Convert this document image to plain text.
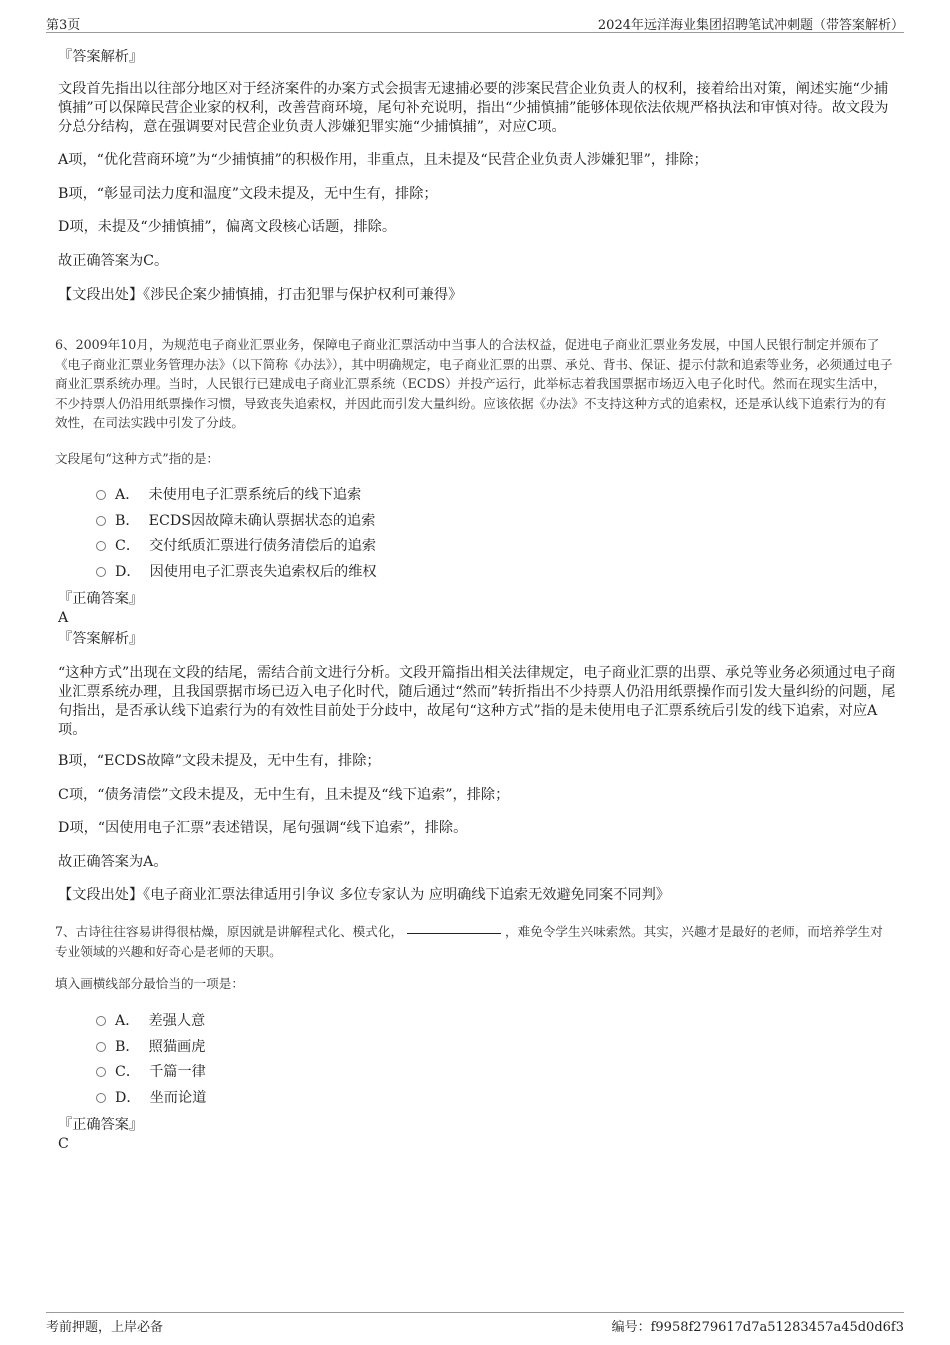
第3页	2024年远洋海业集团招聘笔试冲刺题（带答案解析）

『答案解析』

文段首先指出以往部分地区对于经济案件的办案方式会损害无逮捕必要的涉案民营企业负责人的权利，接着给出对策，阐述实施“少捕慎捕”可以保障民营企业家的权利，改善营商环境，尾句补充说明，指出“少捕慎捕”能够体现依法依规严格执法和审慎对待。故文段为分总分结构，意在强调要对民营企业负责人涉嫌犯罪实施“少捕慎捕”，对应C项。

A项，“优化营商环境”为“少捕慎捕”的积极作用，非重点，且未提及“民营企业负责人涉嫌犯罪”，排除；

B项，“彰显司法力度和温度”文段未提及，无中生有，排除；

D项，未提及“少捕慎捕”，偏离文段核心话题，排除。

故正确答案为C。

【文段出处】《涉民企案少捕慎捕，打击犯罪与保护权利可兼得》

6、2009年10月，为规范电子商业汇票业务，保障电子商业汇票活动中当事人的合法权益，促进电子商业汇票业务发展，中国人民银行制定并颁布了《电子商业汇票业务管理办法》（以下简称《办法》），其中明确规定，电子商业汇票的出票、承兑、背书、保证、提示付款和追索等业务，必须通过电子商业汇票系统办理。当时，人民银行已建成电子商业汇票系统（ECDS）并投产运行，此举标志着我国票据市场迈入电子化时代。然而在现实生活中，不少持票人仍沿用纸票操作习惯，导致丧失追索权，并因此而引发大量纠纷。应该依据《办法》不支持这种方式的追索权，还是承认线下追索行为的有效性，在司法实践中引发了分歧。

文段尾句“这种方式”指的是：

A． 未使用电子汇票系统后的线下追索
B． ECDS因故障未确认票据状态的追索
C． 交付纸质汇票进行债务清偿后的追索
D． 因使用电子汇票丧失追索权后的维权

『正确答案』

A

『答案解析』

“这种方式”出现在文段的结尾，需结合前文进行分析。文段开篇指出相关法律规定，电子商业汇票的出票、承兑等业务必须通过电子商业汇票系统办理，且我国票据市场已迈入电子化时代，随后通过“然而”转折指出不少持票人仍沿用纸票操作而引发大量纠纷的问题，尾句指出，是否承认线下追索行为的有效性目前处于分歧中，故尾句“这种方式”指的是未使用电子汇票系统后引发的线下追索，对应A项。

B项，“ECDS故障”文段未提及，无中生有，排除；

C项，“债务清偿”文段未提及，无中生有，且未提及“线下追索”，排除；

D项，“因使用电子汇票”表述错误，尾句强调“线下追索”，排除。

故正确答案为A。

【文段出处】《电子商业汇票法律适用引争议 多位专家认为 应明确线下追索无效避免同案不同判》

7、古诗往往容易讲得很枯燥，原因就是讲解程式化、模式化，	，难免令学生兴味索然。其实，兴趣才是最好的老师，而培养学生对专业领域的兴趣和好奇心是老师的天职。

填入画横线部分最恰当的一项是：

A． 差强人意
B． 照猫画虎
C． 千篇一律
D． 坐而论道

『正确答案』

C

考前押题，上岸必备	编号：f9958f279617d7a51283457a45d0d6f3
